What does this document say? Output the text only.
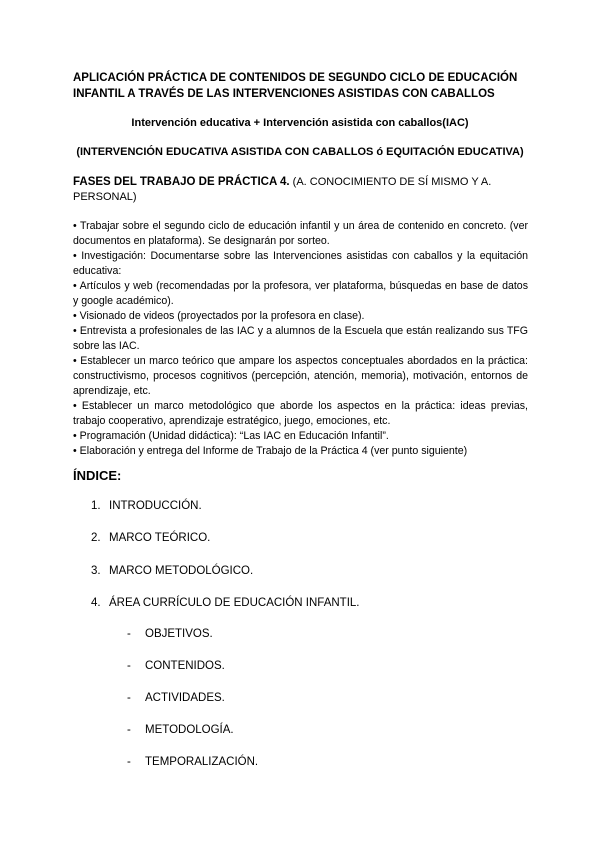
APLICACIÓN PRÁCTICA DE CONTENIDOS DE SEGUNDO CICLO DE EDUCACIÓN INFANTIL A TRAVÉS DE LAS INTERVENCIONES ASISTIDAS CON CABALLOS
Intervención educativa + Intervención asistida con caballos(IAC)
(INTERVENCIÓN EDUCATIVA ASISTIDA CON CABALLOS ó EQUITACIÓN EDUCATIVA)
FASES DEL TRABAJO DE PRÁCTICA 4. (A. CONOCIMIENTO DE SÍ MISMO Y A. PERSONAL)
• Trabajar sobre el segundo ciclo de educación infantil y un área de contenido en concreto. (ver documentos en plataforma). Se designarán por sorteo.
• Investigación: Documentarse sobre las Intervenciones asistidas con caballos y la equitación educativa:
• Artículos y web (recomendadas por la profesora, ver plataforma, búsquedas en base de datos y google académico).
• Visionado de videos (proyectados por la profesora en clase).
• Entrevista a profesionales de las IAC y a alumnos de la Escuela que están realizando sus TFG sobre las IAC.
• Establecer un marco teórico que ampare los aspectos conceptuales abordados en la práctica: constructivismo, procesos cognitivos (percepción, atención, memoria), motivación, entornos de aprendizaje, etc.
• Establecer un marco metodológico que aborde los aspectos en la práctica: ideas previas, trabajo cooperativo, aprendizaje estratégico, juego, emociones, etc.
• Programación (Unidad didáctica): “Las IAC en Educación Infantil”.
• Elaboración y entrega del Informe de Trabajo de la Práctica 4 (ver punto siguiente)
ÍNDICE:
1. INTRODUCCIÓN.
2. MARCO TEÓRICO.
3. MARCO METODOLÓGICO.
4. ÁREA CURRÍCULO DE EDUCACIÓN INFANTIL.
- OBJETIVOS.
- CONTENIDOS.
- ACTIVIDADES.
- METODOLOGÍA.
- TEMPORALIZACIÓN.
